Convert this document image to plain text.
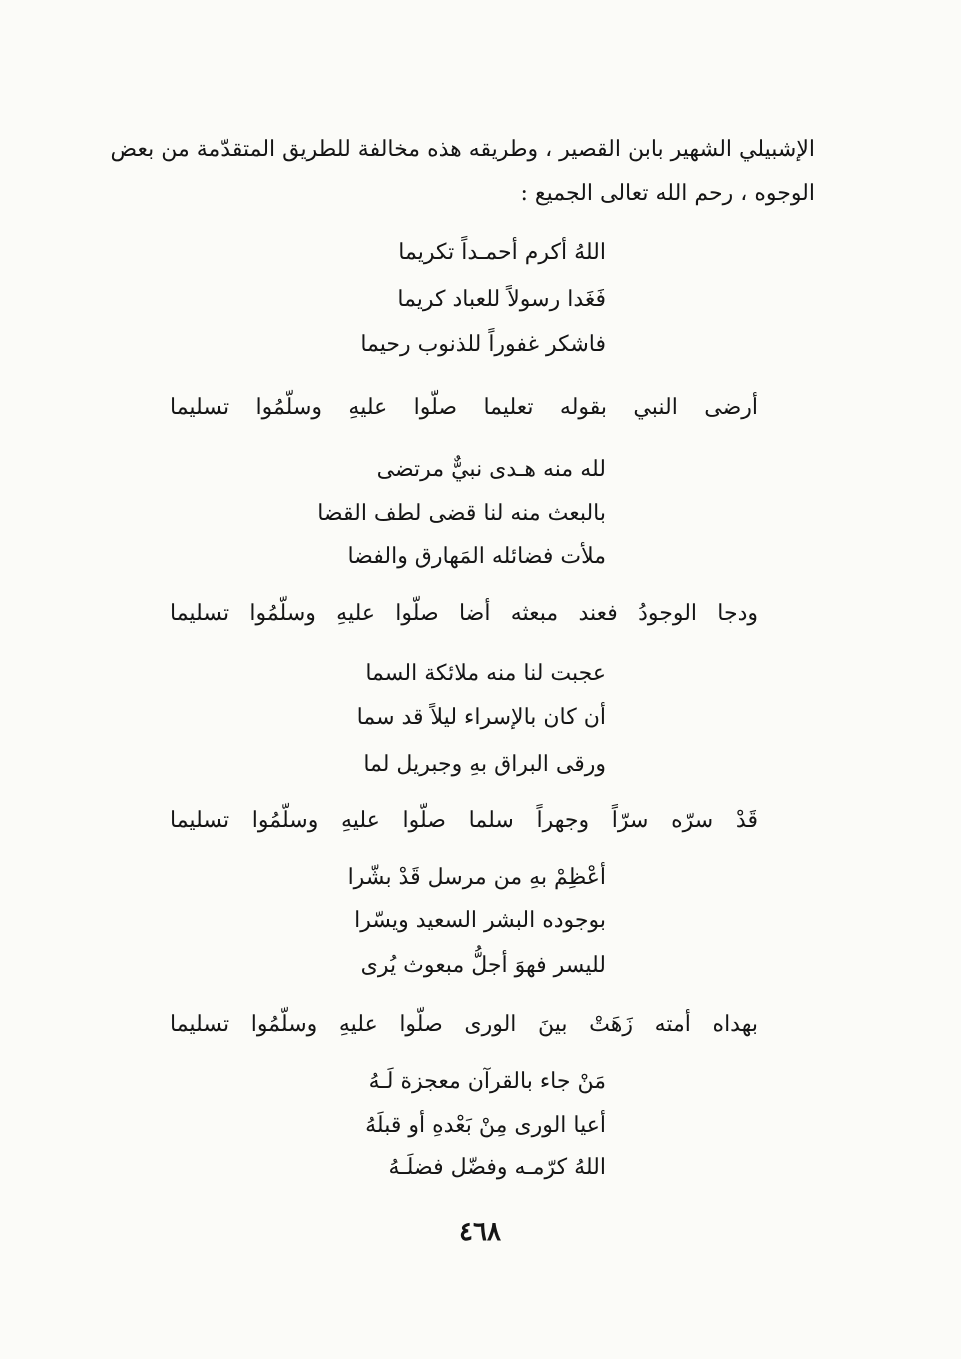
الإشبيلي الشهير بابن القصير ، وطريقه هذه مخالفة للطريق المتقدّمة من بعض
الوجوه ، رحم الله تعالى الجميع :
اللهُ أكرم أحمـداً تكريما
فَغَدا رسولاً للعباد كريما
فاشكر غفوراً للذنوب رحيما
أرضى النبي بقوله تعليما صلّوا عليهِ وسلّمُوا تسليما
لله منه هـدى نبيٌّ مرتضى
بالبعث منه لنا قضى لطف القضا
ملأت فضائله المَهارق والفضا
ودجا الوجودُ فعند مبعثه أضا صلّوا عليهِ وسلّمُوا تسليما
عجبت لنا منه ملائكة السما
أن كان بالإسراء ليلاً قد سما
ورقى البراق بهِ وجبريل لما
قَدْ سرّه سرّاً وجهراً سلما صلّوا عليهِ وسلّمُوا تسليما
أعْظِمْ بهِ من مرسل قَدْ بشّرا
بوجوده البشر السعيد ويسّرا
لليسر فهوَ أجلُّ مبعوث يُرى
بهداه أمته زَهَتْ بينَ الورى صلّوا عليهِ وسلّمُوا تسليما
مَنْ جاء بالقرآن معجزة لَـهُ
أعيا الورى مِنْ بَعْدهِ أو قبلَهُ
اللهُ كرّمـه وفضّل فضلَـهُ
٤٦٨
